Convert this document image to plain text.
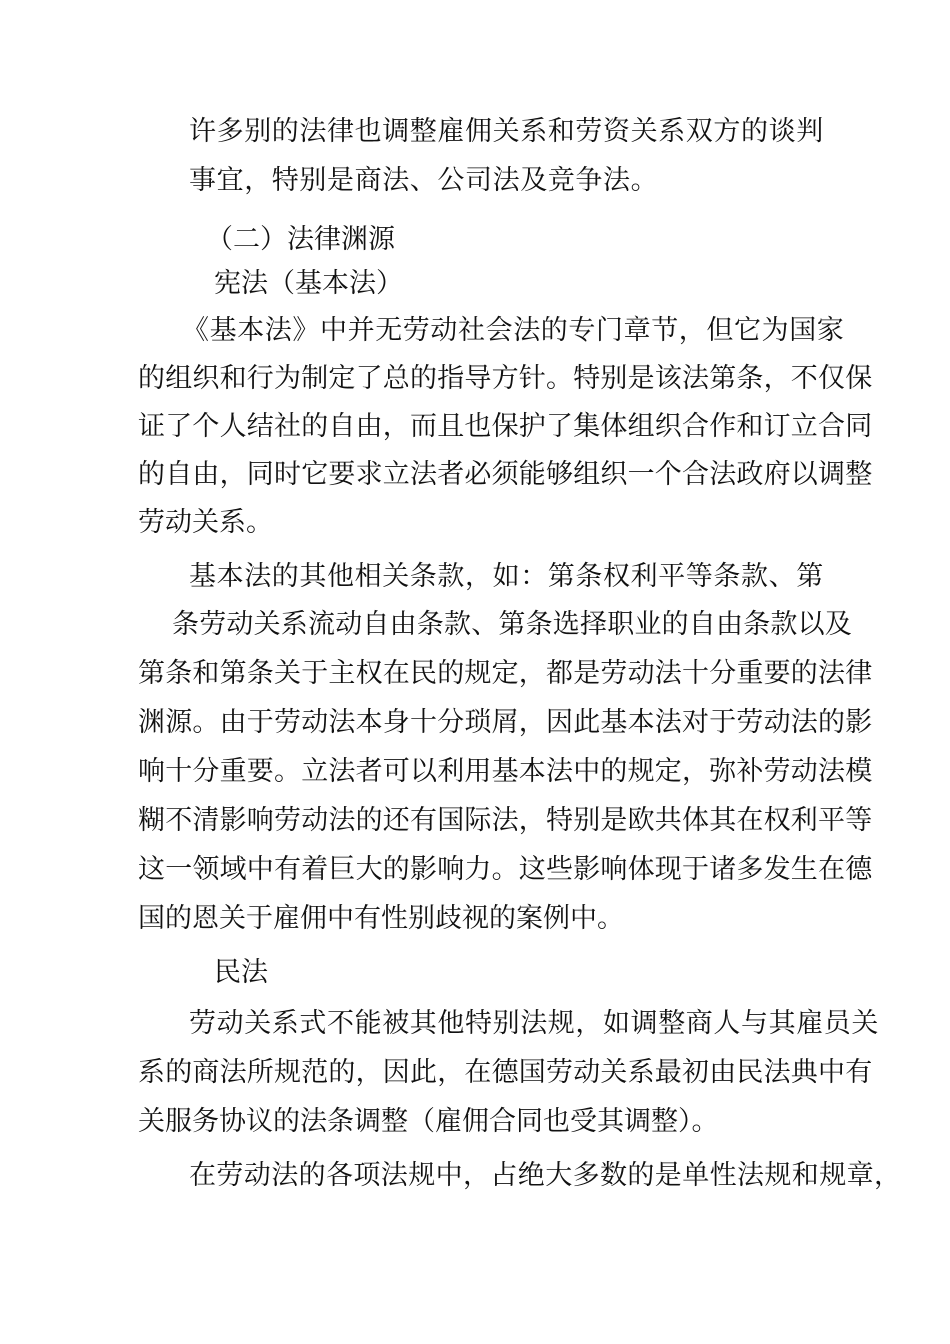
许多别的法律也调整雇佣关系和劳资关系双方的谈判
事宜，特别是商法、公司法及竞争法。
（二）法律渊源
宪法（基本法）
《基本法》中并无劳动社会法的专门章节，但它为国家
的组织和行为制定了总的指导方针。特别是该法第条，不仅保
证了个人结社的自由，而且也保护了集体组织合作和订立合同
的自由，同时它要求立法者必须能够组织一个合法政府以调整
劳动关系。
基本法的其他相关条款，如：第条权利平等条款、第
条劳动关系流动自由条款、第条选择职业的自由条款以及
第条和第条关于主权在民的规定，都是劳动法十分重要的法律
渊源。由于劳动法本身十分琐屑，因此基本法对于劳动法的影
响十分重要。立法者可以利用基本法中的规定，弥补劳动法模
糊不清影响劳动法的还有国际法，特别是欧共体其在权利平等
这一领域中有着巨大的影响力。这些影响体现于诸多发生在德
国的恩关于雇佣中有性别歧视的案例中。
民法
劳动关系式不能被其他特别法规，如调整商人与其雇员关
系的商法所规范的，因此，在德国劳动关系最初由民法典中有
关服务协议的法条调整（雇佣合同也受其调整）。
在劳动法的各项法规中，占绝大多数的是单性法规和规章，
